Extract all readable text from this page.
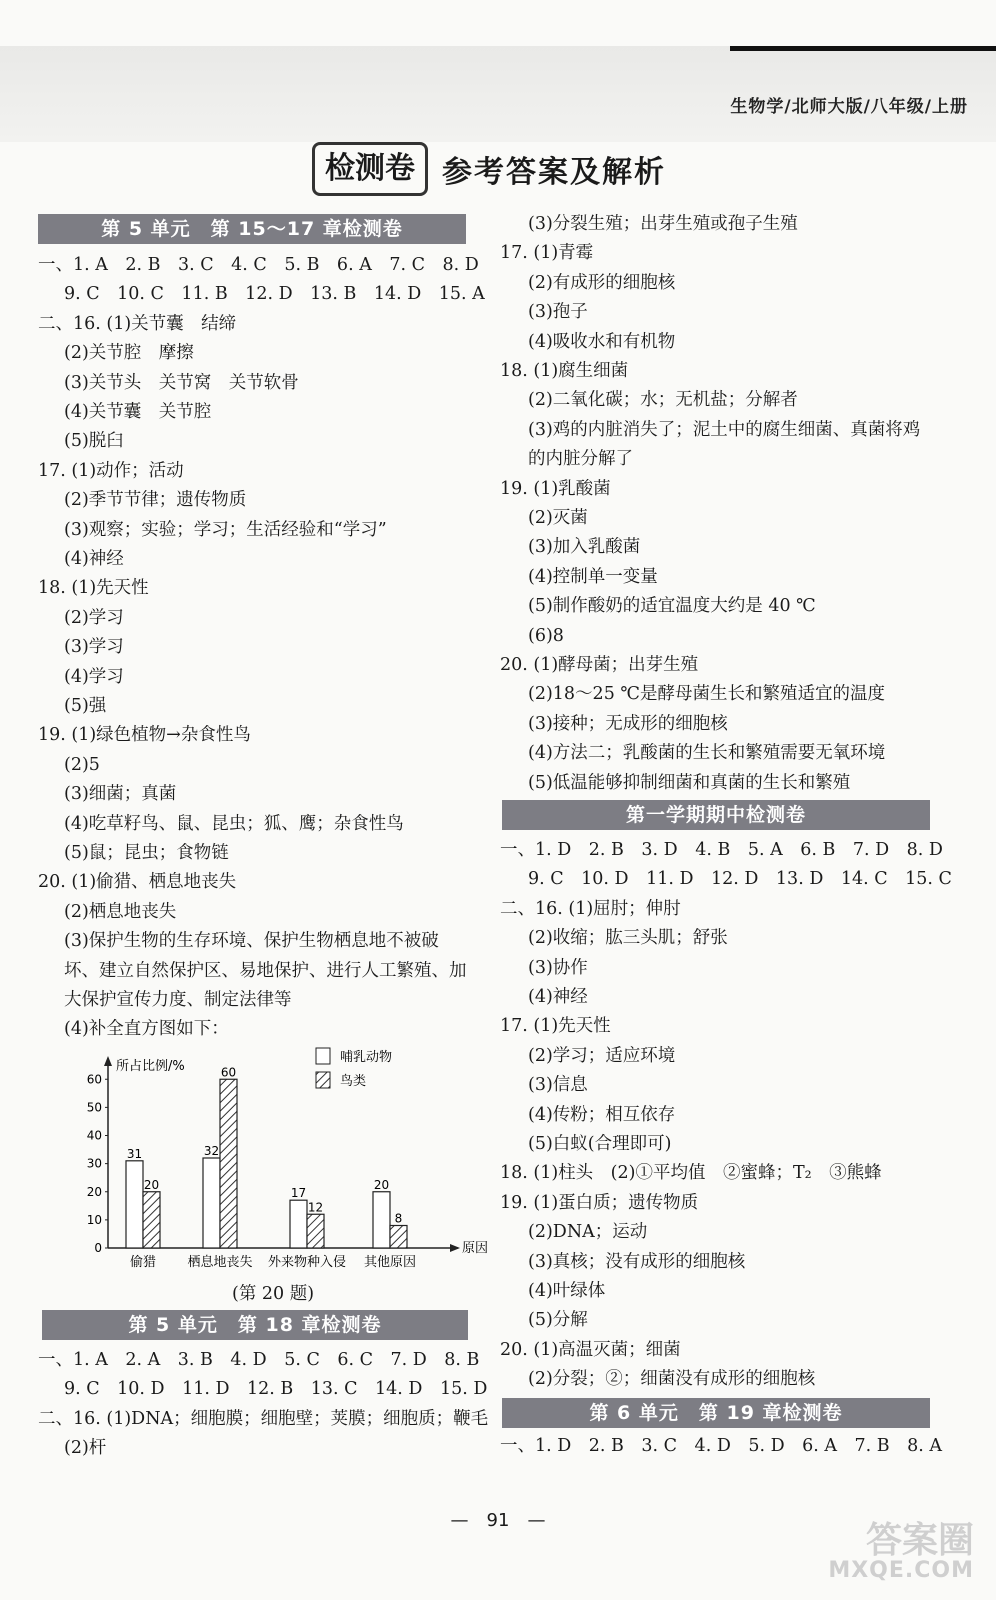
生物学/北师大版/八年级/上册
检测卷 参考答案及解析
第 5 单元　第 15～17 章检测卷
一、1. A　2. B　3. C　4. C　5. B　6. A　7. C　8. D
9. C　10. C　11. B　12. D　13. B　14. D　15. A
二、16. (1)关节囊　结缔
(2)关节腔　摩擦
(3)关节头　关节窝　关节软骨
(4)关节囊　关节腔
(5)脱臼
17. (1)动作；活动
(2)季节节律；遗传物质
(3)观察；实验；学习；生活经验和“学习”
(4)神经
18. (1)先天性
(2)学习
(3)学习
(4)学习
(5)强
19. (1)绿色植物→杂食性鸟
(2)5
(3)细菌；真菌
(4)吃草籽鸟、鼠、昆虫；狐、鹰；杂食性鸟
(5)鼠；昆虫；食物链
20. (1)偷猎、栖息地丧失
(2)栖息地丧失
(3)保护生物的生存环境、保护生物栖息地不被破
坏、建立自然保护区、易地保护、进行人工繁殖、加
大保护宣传力度、制定法律等
(4)补全直方图如下：
所占比例/%
原因
0
10
20
30
40
50
60
偷猎 栖息地丧失 外来物种入侵 其他原因
31
20
32
60
17
12
20
8
哺乳动物
鸟类
(第 20 题)
第 5 单元　第 18 章检测卷
一、1. A　2. A　3. B　4. D　5. C　6. C　7. D　8. B
9. C　10. D　11. D　12. B　13. C　14. D　15. D
二、16. (1)DNA；细胞膜；细胞壁；荚膜；细胞质；鞭毛
(2)杆
(3)分裂生殖；出芽生殖或孢子生殖
17. (1)青霉
(2)有成形的细胞核
(3)孢子
(4)吸收水和有机物
18. (1)腐生细菌
(2)二氧化碳；水；无机盐；分解者
(3)鸡的内脏消失了；泥土中的腐生细菌、真菌将鸡
的内脏分解了
19. (1)乳酸菌
(2)灭菌
(3)加入乳酸菌
(4)控制单一变量
(5)制作酸奶的适宜温度大约是 40 ℃
(6)8
20. (1)酵母菌；出芽生殖
(2)18～25 ℃是酵母菌生长和繁殖适宜的温度
(3)接种；无成形的细胞核
(4)方法二；乳酸菌的生长和繁殖需要无氧环境
(5)低温能够抑制细菌和真菌的生长和繁殖
第一学期期中检测卷
一、1. D　2. B　3. D　4. B　5. A　6. B　7. D　8. D
9. C　10. D　11. D　12. D　13. D　14. C　15. C
二、16. (1)屈肘；伸肘
(2)收缩；肱三头肌；舒张
(3)协作
(4)神经
17. (1)先天性
(2)学习；适应环境
(3)信息
(4)传粉；相互依存
(5)白蚁(合理即可)
18. (1)柱头　(2)①平均值　②蜜蜂；T₂　③熊蜂
19. (1)蛋白质；遗传物质
(2)DNA；运动
(3)真核；没有成形的细胞核
(4)叶绿体
(5)分解
20. (1)高温灭菌；细菌
(2)分裂；②；细菌没有成形的细胞核
第 6 单元　第 19 章检测卷
一、1. D　2. B　3. C　4. D　5. D　6. A　7. B　8. A
—　91　—	答案圈
MXQE.COM
